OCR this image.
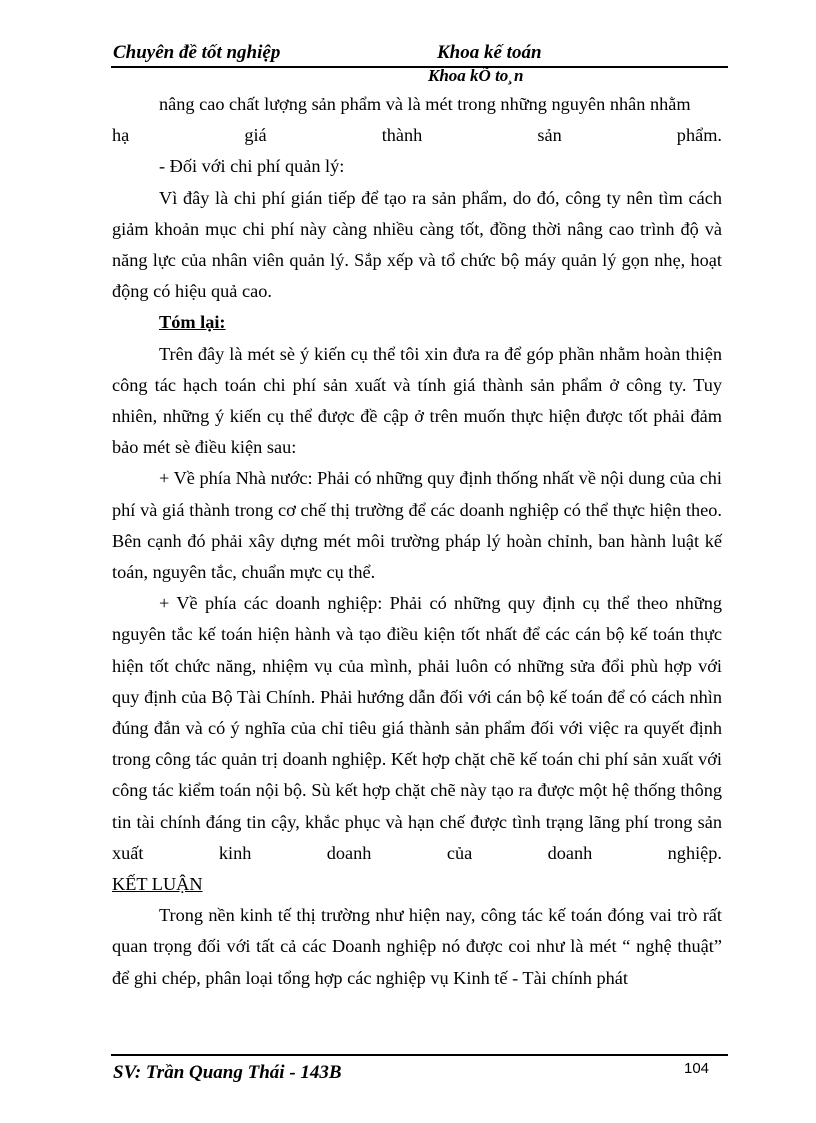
Chuyên đề tốt nghiệp	Khoa kế toán
Khoa kÕ to¸n

nâng cao chất lượng sản phẩm và là mét trong những nguyên nhân nhằm

hạ giá thành sản phẩm.

- Đối với chi phí quản lý:

Vì đây là chi phí gián tiếp để tạo ra sản phẩm, do đó, công ty nên tìm cách giảm khoản mục chi phí này càng nhiều càng tốt, đồng thời nâng cao trình độ và năng lực của nhân viên quản lý. Sắp xếp và tổ chức bộ máy quản lý gọn nhẹ, hoạt động có hiệu quả cao.

Tóm lại:

Trên đây là mét sè ý kiến cụ thể tôi xin đưa ra để góp phần nhằm hoàn thiện công tác hạch toán chi phí sản xuất và tính giá thành sản phẩm ở công ty. Tuy nhiên, những ý kiến cụ thể được đề cập ở trên muốn thực hiện được tốt phải đảm bảo mét sè điều kiện sau:

+ Về phía Nhà nước: Phải có những quy định thống nhất về nội dung của chi phí và giá thành trong cơ chế thị trường để các doanh nghiệp có thể thực hiện theo. Bên cạnh đó phải xây dựng mét môi trường pháp lý hoàn chỉnh, ban hành luật kế toán, nguyên tắc, chuẩn mực cụ thể.

+ Về phía các doanh nghiệp: Phải có những quy định cụ thể theo những nguyên tắc kế toán hiện hành và tạo điều kiện tốt nhất để các cán bộ kế toán thực hiện tốt chức năng, nhiệm vụ của mình, phải luôn có những sửa đổi phù hợp với quy định của Bộ Tài Chính. Phải hướng dẫn đối với cán bộ kế toán để có cách nhìn đúng đắn và có ý nghĩa của chỉ tiêu giá thành sản phẩm đối với việc ra quyết định trong công tác quản trị doanh nghiệp. Kết hợp chặt chẽ kế toán chi phí sản xuất với công tác kiểm toán nội bộ. Sù kết hợp chặt chẽ này tạo ra được một hệ thống thông tin tài chính đáng tin cậy, khắc phục và hạn chế được tình trạng lãng phí trong sản xuất kinh doanh của doanh nghiệp.

KẾT LUẬN

Trong nền kinh tế thị trường như hiện nay, công tác kế toán đóng vai trò rất quan trọng đối với tất cả các Doanh nghiệp nó được coi như là mét “ nghệ thuật” để ghi chép, phân loại tổng hợp các nghiệp vụ Kinh tế - Tài chính phát

SV: Trần Quang Thái - 143B	104
